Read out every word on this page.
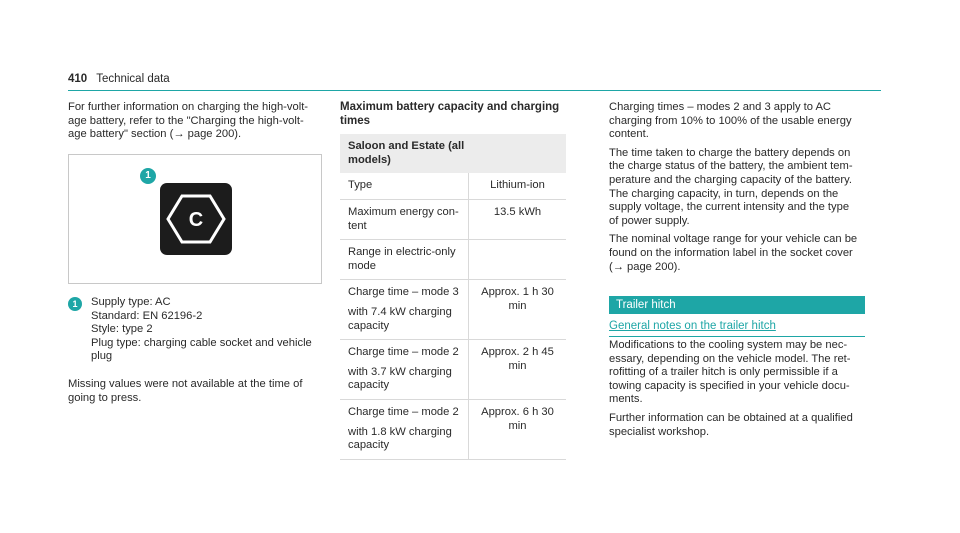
410 Technical data

For further information on charging the high-volt-

age battery, refer to the "Charging the high-volt-

age battery" section (→ page 200).

1
C
1	Supply type: AC

Standard: EN 62196-2

Style: type 2

Plug type: charging cable socket and vehicle

plug

Missing values were not available at the time of

going to press.

Maximum battery capacity and charging times

Saloon and Estate (all
models)	

Type	Lithium-ion

Maximum energy con-
tent	13.5 kWh

Range in electric-only
mode	

Charge time – mode 3

with 7.4 kW charging
capacity	Approx. 1 h 30 min

Charge time – mode 2

with 3.7 kW charging
capacity	Approx. 2 h 45 min

Charge time – mode 2

with 1.8 kW charging
capacity	Approx. 6 h 30 min

Charging times – modes 2 and 3 apply to AC

charging from 10% to 100% of the usable energy

content.

The time taken to charge the battery depends on

the charge status of the battery, the ambient tem-

perature and the charging capacity of the battery.

The charging capacity, in turn, depends on the

supply voltage, the current intensity and the type

of power supply.

The nominal voltage range for your vehicle can be

found on the information label in the socket cover

(→ page 200).

Trailer hitch
General notes on the trailer hitch

Modifications to the cooling system may be nec-

essary, depending on the vehicle model. The ret-

rofitting of a trailer hitch is only permissible if a

towing capacity is specified in your vehicle docu-

ments.

Further information can be obtained at a qualified

specialist workshop.
